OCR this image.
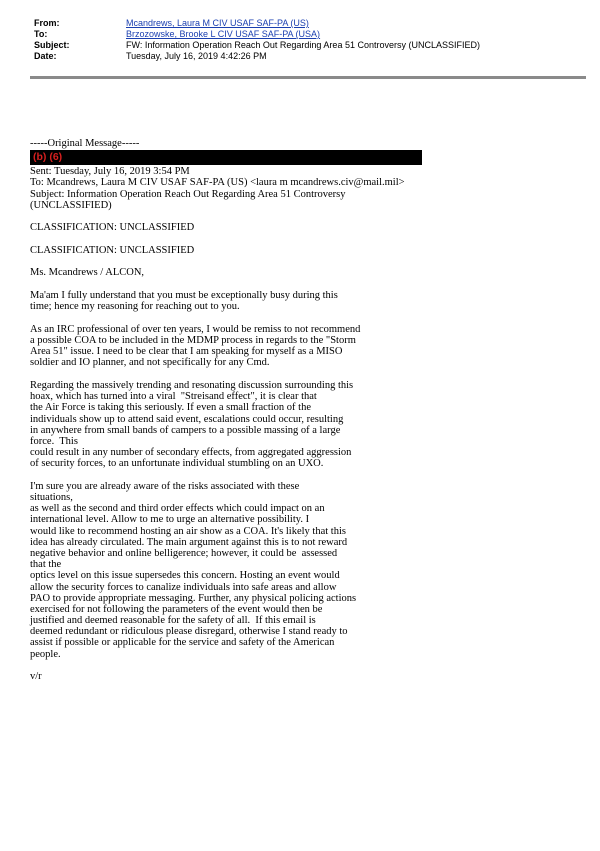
From:	Mcandrews, Laura M CIV USAF SAF-PA (US)
To:	Brzozowske, Brooke L CIV USAF SAF-PA (USA)
Subject:	FW: Information Operation Reach Out Regarding Area 51 Controversy (UNCLASSIFIED)
Date:	Tuesday, July 16, 2019 4:42:26 PM
-----Original Message-----
(b) (6)
Sent: Tuesday, July 16, 2019 3:54 PM
To: Mcandrews, Laura M CIV USAF SAF-PA (US) <laura m mcandrews.civ@mail.mil>
Subject: Information Operation Reach Out Regarding Area 51 Controversy
(UNCLASSIFIED)
CLASSIFICATION: UNCLASSIFIED
CLASSIFICATION: UNCLASSIFIED
Ms. Mcandrews / ALCON,
Ma'am I fully understand that you must be exceptionally busy during this
time; hence my reasoning for reaching out to you.
As an IRC professional of over ten years, I would be remiss to not recommend
a possible COA to be included in the MDMP process in regards to the "Storm
Area 51" issue. I need to be clear that I am speaking for myself as a MISO
soldier and IO planner, and not specifically for any Cmd.
Regarding the massively trending and resonating discussion surrounding this
hoax, which has turned into a viral  "Streisand effect", it is clear that
the Air Force is taking this seriously. If even a small fraction of the
individuals show up to attend said event, escalations could occur, resulting
in anywhere from small bands of campers to a possible massing of a large
force.  This
could result in any number of secondary effects, from aggregated aggression
of security forces, to an unfortunate individual stumbling on an UXO.
I'm sure you are already aware of the risks associated with these
situations,
as well as the second and third order effects which could impact on an
international level. Allow to me to urge an alternative possibility. I
would like to recommend hosting an air show as a COA. It's likely that this
idea has already circulated. The main argument against this is to not reward
negative behavior and online belligerence; however, it could be  assessed
that the
optics level on this issue supersedes this concern. Hosting an event would
allow the security forces to canalize individuals into safe areas and allow
PAO to provide appropriate messaging. Further, any physical policing actions
exercised for not following the parameters of the event would then be
justified and deemed reasonable for the safety of all.  If this email is
deemed redundant or ridiculous please disregard, otherwise I stand ready to
assist if possible or applicable for the service and safety of the American
people.
v/r
